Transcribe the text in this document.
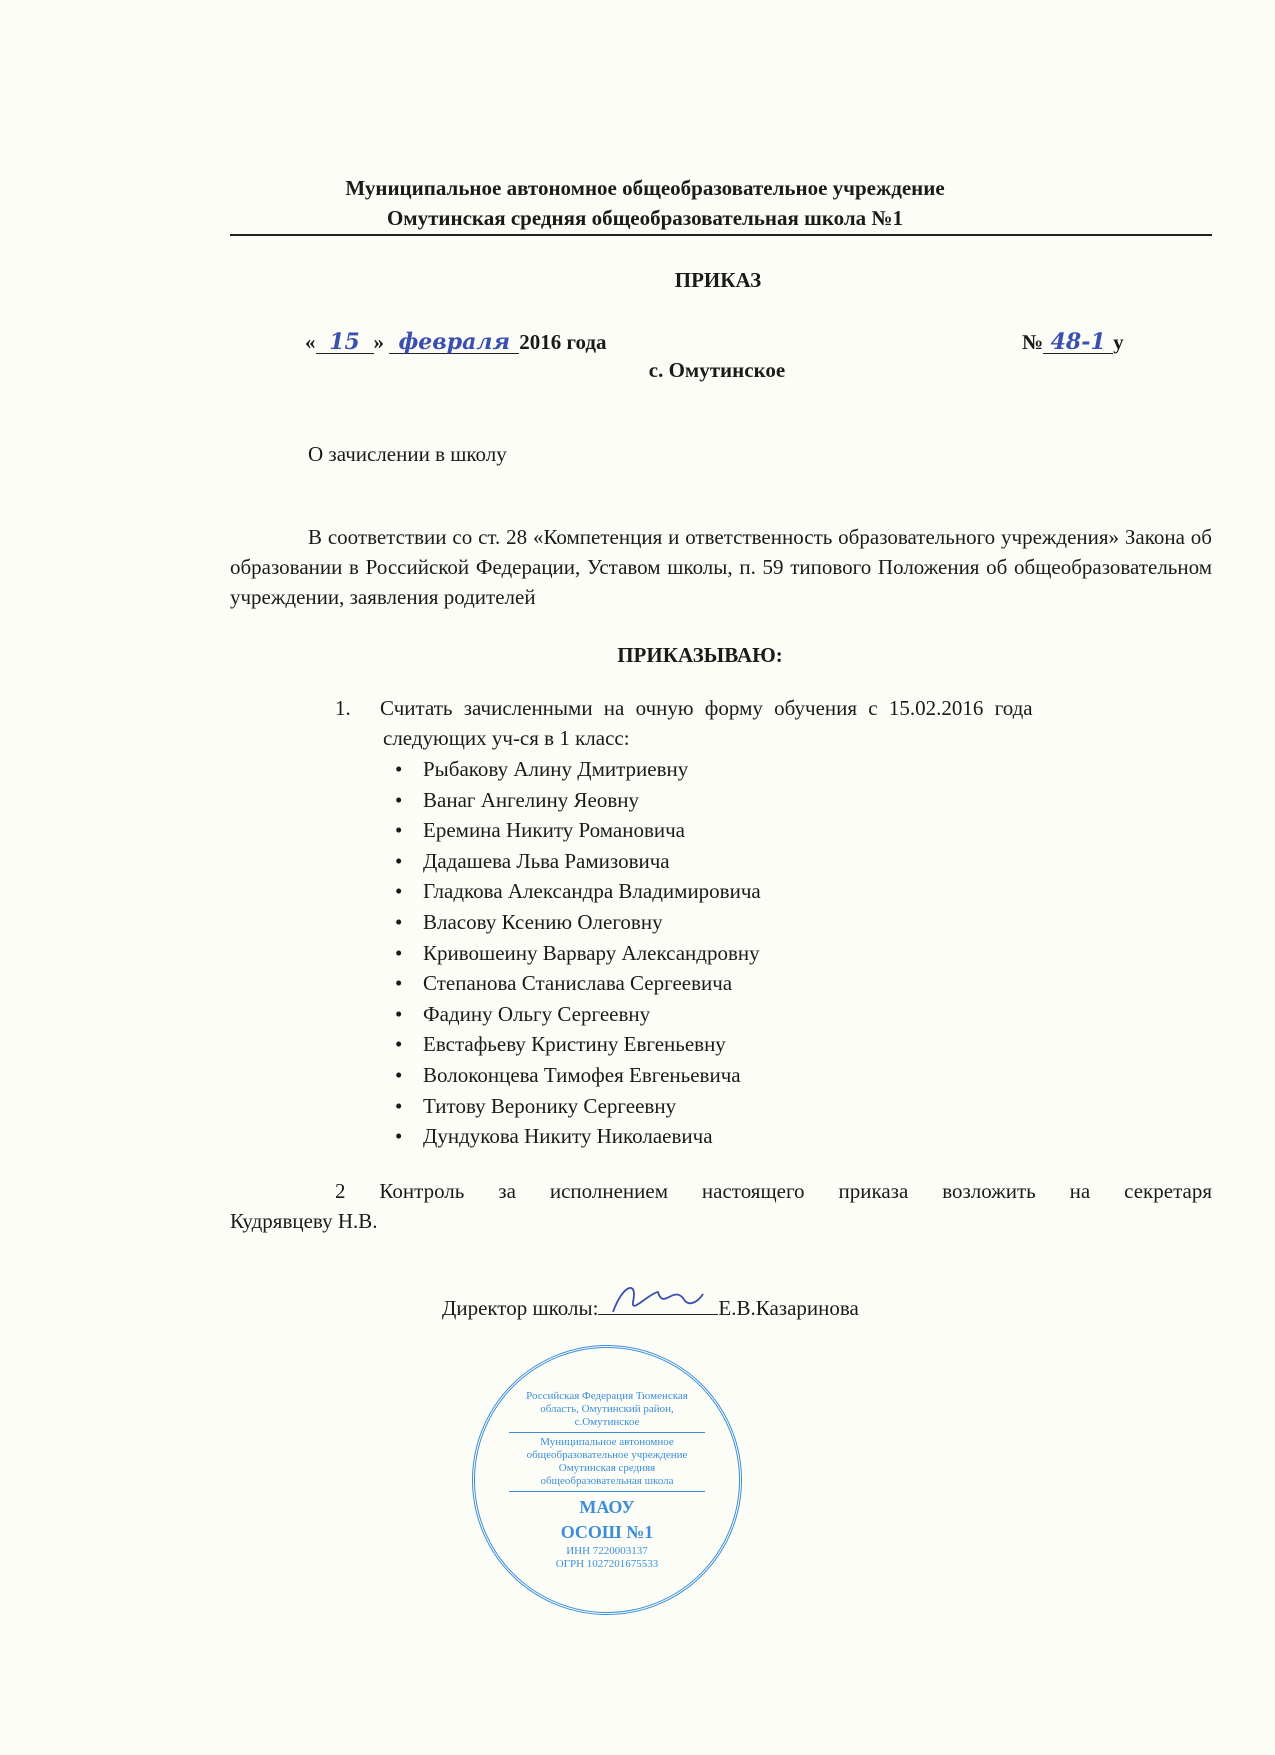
Муниципальное автономное общеобразовательное учреждение
Омутинская средняя общеобразовательная школа №1
ПРИКАЗ
« 15 » февраля 2016 года	№ 48-1 у
с. Омутинское
О зачислении в школу
В соответствии со ст. 28 «Компетенция и ответственность образовательного учреждения» Закона об образовании в Российской Федерации, Уставом школы, п. 59 типового Положения об общеобразовательном учреждении, заявления родителей
ПРИКАЗЫВАЮ:
1. Считать зачисленными на очную форму обучения с 15.02.2016 года
следующих уч-ся в 1 класс:
• Рыбакову Алину Дмитриевну
• Ванаг Ангелину Яеовну
• Еремина Никиту Романовича
• Дадашева Льва Рамизовича
• Гладкова Александра Владимировича
• Власову Ксению Олеговну
• Кривошеину Варвару Александровну
• Степанова Станислава Сергеевича
• Фадину Ольгу Сергеевну
• Евстафьеву Кристину Евгеньевну
• Волоконцева Тимофея Евгеньевича
• Титову Веронику Сергеевну
• Дундукова Никиту Николаевича
2 Контроль за исполнением настоящего приказа возложить на секретаря
Кудрявцеву Н.В.
Директор школы:	Е.В.Казаринова
Российская Федерация Тюменская область, Омутинский район, с.Омутинское
Муниципальное автономное общеобразовательное учреждение Омутинская средняя общеобразовательная школа
МАОУ
ОСОШ №1
ИНН 7220003137
ОГРН 1027201675533
